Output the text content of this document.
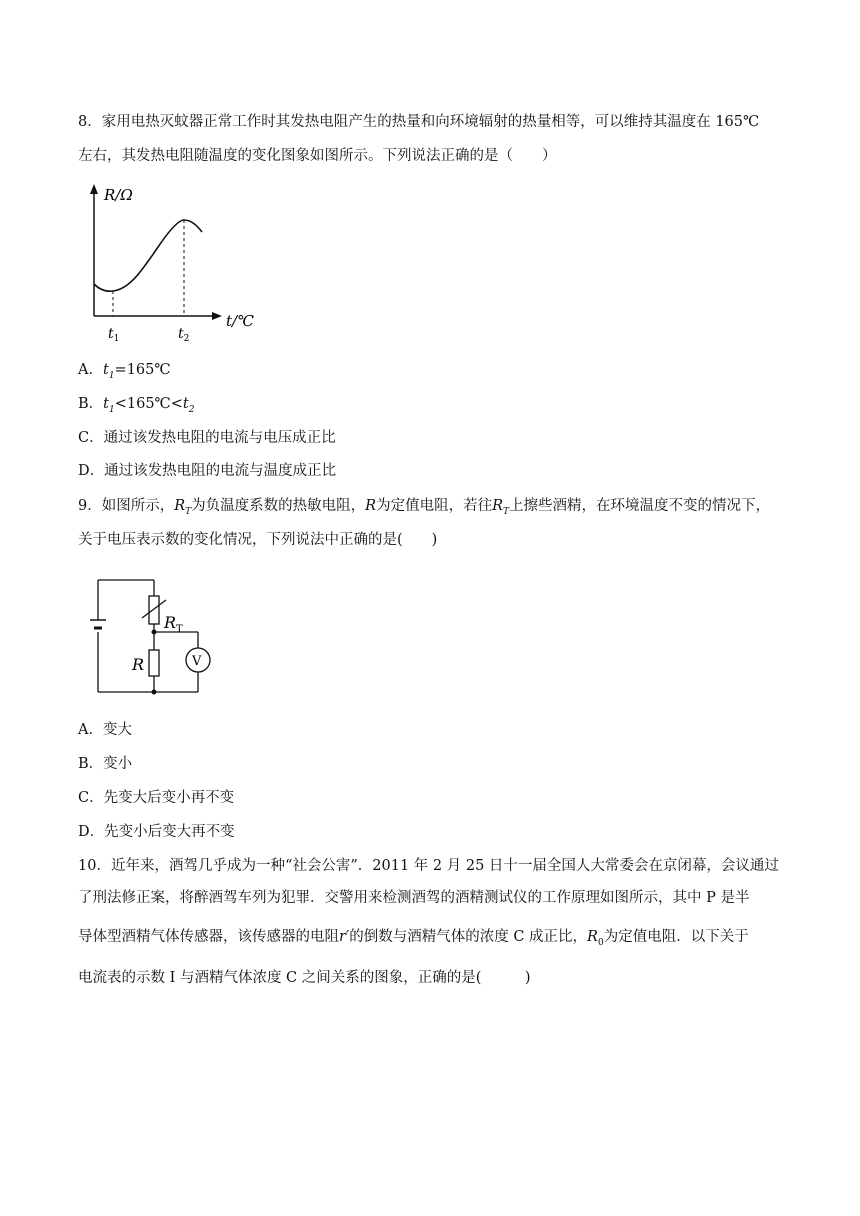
8．家用电热灭蚊器正常工作时其发热电阻产生的热量和向环境辐射的热量相等，可以维持其温度在 165℃
左右，其发热电阻随温度的变化图象如图所示。下列说法正确的是（　　）
R/Ω
t/℃
$t_1$	$t_2$
A．$t_1=165℃$
B．$t_1<165℃<t_2$
C．通过该发热电阻的电流与电压成正比
D．通过该发热电阻的电流与温度成正比
9．如图所示，$R_T$为负温度系数的热敏电阻，R为定值电阻，若往$R_T$上擦些酒精，在环境温度不变的情况下，
关于电压表示数的变化情况，下列说法中正确的是(　　)
V
$R_T$
R
A．变大
B．变小
C．先变大后变小再不变
D．先变小后变大再不变
10．近年来，酒驾几乎成为一种“社会公害”．2011 年 2 月 25 日十一届全国人大常委会在京闭幕，会议通过
了刑法修正案，将醉酒驾车列为犯罪．交警用来检测酒驾的酒精测试仪的工作原理如图所示，其中 P 是半
导体型酒精气体传感器，该传感器的电阻r′的倒数与酒精气体的浓度 C 成正比，$R_0$为定值电阻．以下关于
电流表的示数 I 与酒精气体浓度 C 之间关系的图象，正确的是(　　　)
